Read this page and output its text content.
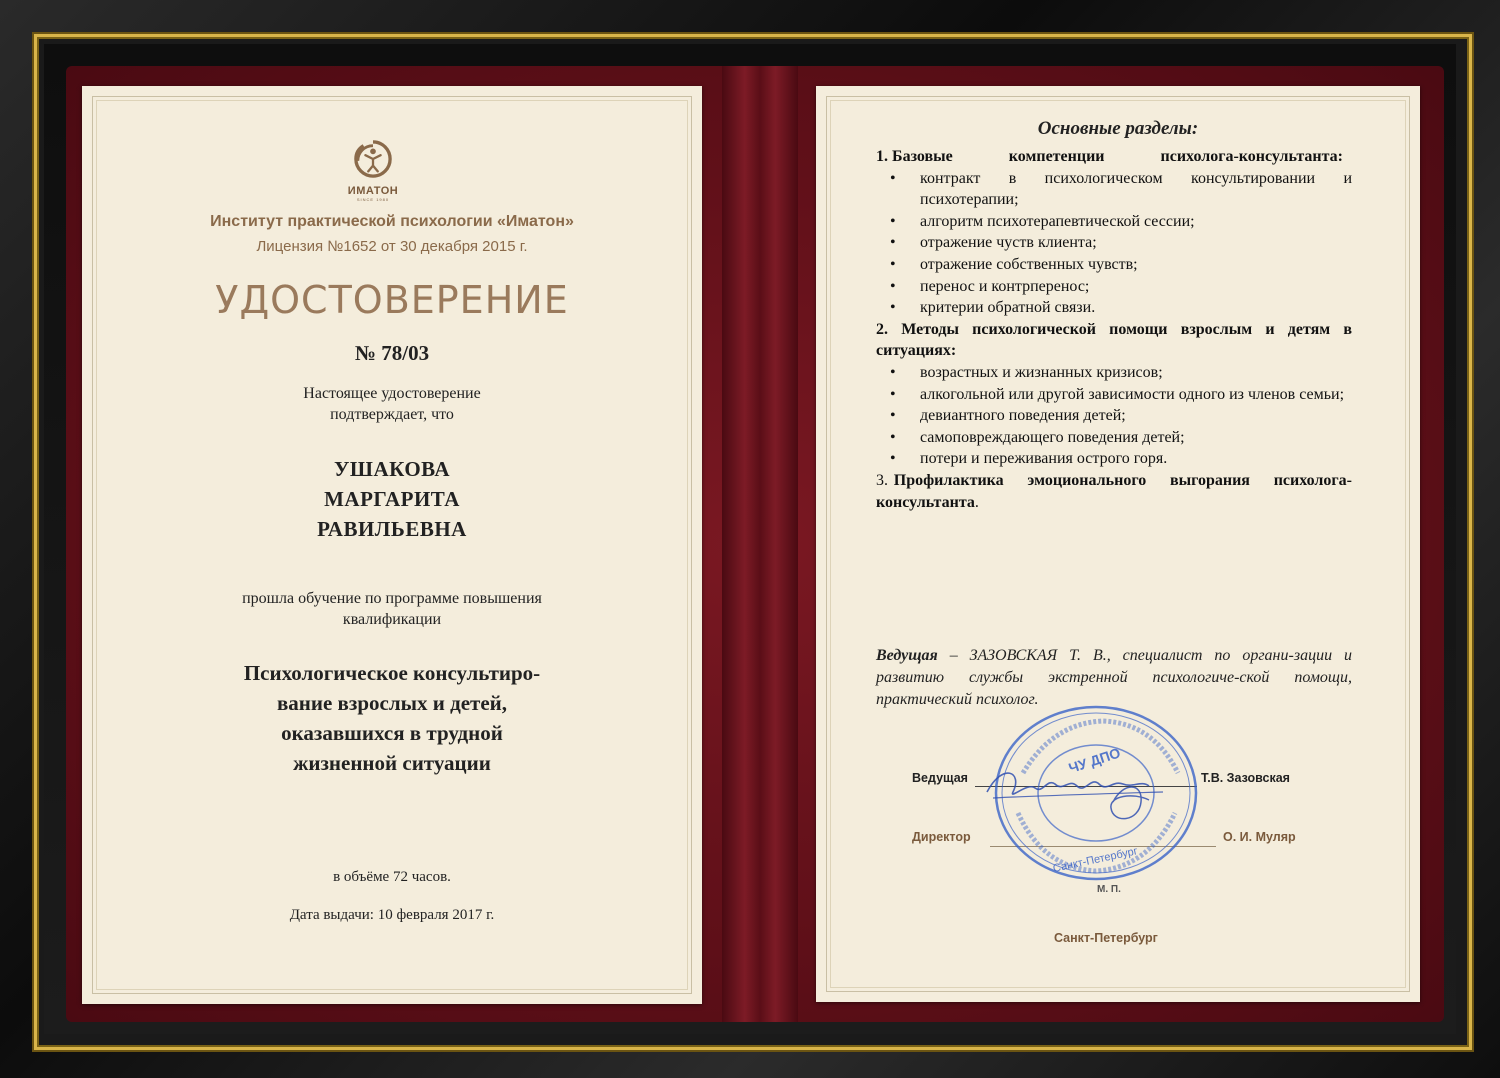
ИМАТОН
SINCE 1980
Институт практической психологии «Иматон»
Лицензия №1652 от 30 декабря 2015 г.
УДОСТОВЕРЕНИЕ
№ 78/03
Настоящее удостоверение
подтверждает, что
УШАКОВА
МАРГАРИТА
РАВИЛЬЕВНА
прошла обучение по программе повышения
квалификации
Психологическое консультиро-
вание взрослых и детей,
оказавшихся в трудной
жизненной ситуации
в объёме 72 часов.
Дата выдачи: 10 февраля 2017 г.
Основные разделы:
1. Базовые компетенции психолога-консультанта:
• контракт в психологическом консультировании и психотерапии;
• алгоритм психотерапевтической сессии;
• отражение чуств клиента;
• отражение собственных чувств;
• перенос и контрперенос;
• критерии обратной связи.
2. Методы психологической помощи взрослым и детям в ситуациях:
• возрастных и жизнанных кризисов;
• алкогольной или другой зависимости одного из членов семьи;
• девиантного поведения детей;
• самоповреждающего поведения детей;
• потери и переживания острого горя.
3. Профилактика эмоционального выгорания психолога-консультанта.
Ведущая – ЗАЗОВСКАЯ Т. В., специалист по органи-зации и развитию службы экстренной психологиче-ской помощи, практический психолог.
Ведущая	Т.В. Зазовская
Директор	О. И. Муляр
М. П.
Санкт-Петербург
ЧУ ДПО
Санкт-Петербург
